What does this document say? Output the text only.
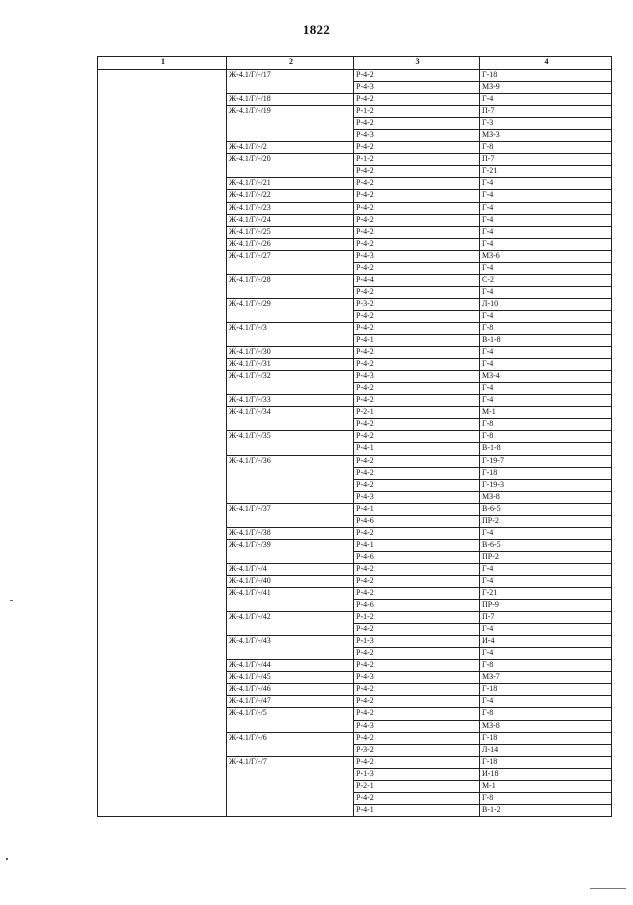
1822
1	2	3	4
	Ж-4.1/Г/-/17	Р-4-2	Г-18
		Р-4-3	МЗ-9
	Ж-4.1/Г/-/18	Р-4-2	Г-4
	Ж-4.1/Г/-/19	Р-1-2	П-7
		Р-4-2	Г-3
		Р-4-3	МЗ-3
	Ж-4.1/Г/-/2	Р-4-2	Г-8
	Ж-4.1/Г/-/20	Р-1-2	П-7
		Р-4-2	Г-21
	Ж-4.1/Г/-/21	Р-4-2	Г-4
	Ж-4.1/Г/-/22	Р-4-2	Г-4
	Ж-4.1/Г/-/23	Р-4-2	Г-4
	Ж-4.1/Г/-/24	Р-4-2	Г-4
	Ж-4.1/Г/-/25	Р-4-2	Г-4
	Ж-4.1/Г/-/26	Р-4-2	Г-4
	Ж-4.1/Г/-/27	Р-4-3	МЗ-6
		Р-4-2	Г-4
	Ж-4.1/Г/-/28	Р-4-4	С-2
		Р-4-2	Г-4
	Ж-4.1/Г/-/29	Р-3-2	Л-10
		Р-4-2	Г-4
	Ж-4.1/Г/-/3	Р-4-2	Г-8
		Р-4-1	В-1-8
	Ж-4.1/Г/-/30	Р-4-2	Г-4
	Ж-4.1/Г/-/31	Р-4-2	Г-4
	Ж-4.1/Г/-/32	Р-4-3	МЗ-4
		Р-4-2	Г-4
	Ж-4.1/Г/-/33	Р-4-2	Г-4
	Ж-4.1/Г/-/34	Р-2-1	М-1
		Р-4-2	Г-8
	Ж-4.1/Г/-/35	Р-4-2	Г-8
		Р-4-1	В-1-8
	Ж-4.1/Г/-/36	Р-4-2	Г-19-7
		Р-4-2	Г-18
		Р-4-2	Г-19-3
		Р-4-3	МЗ-8
	Ж-4.1/Г/-/37	Р-4-1	В-6-5
		Р-4-6	ПР-2
	Ж-4.1/Г/-/38	Р-4-2	Г-4
	Ж-4.1/Г/-/39	Р-4-1	В-6-5
		Р-4-6	ПР-2
	Ж-4.1/Г/-/4	Р-4-2	Г-4
	Ж-4.1/Г/-/40	Р-4-2	Г-4
	Ж-4.1/Г/-/41	Р-4-2	Г-21
		Р-4-6	ПР-9
	Ж-4.1/Г/-/42	Р-1-2	П-7
		Р-4-2	Г-4
	Ж-4.1/Г/-/43	Р-1-3	И-4
		Р-4-2	Г-4
	Ж-4.1/Г/-/44	Р-4-2	Г-8
	Ж-4.1/Г/-/45	Р-4-3	МЗ-7
	Ж-4.1/Г/-/46	Р-4-2	Г-18
	Ж-4.1/Г/-/47	Р-4-2	Г-4
	Ж-4.1/Г/-/5	Р-4-2	Г-8
		Р-4-3	МЗ-8
	Ж-4.1/Г/-/6	Р-4-2	Г-18
		Р-3-2	Л-14
	Ж-4.1/Г/-/7	Р-4-2	Г-18
		Р-1-3	И-18
		Р-2-1	М-1
		Р-4-2	Г-8
		Р-4-1	В-1-2
